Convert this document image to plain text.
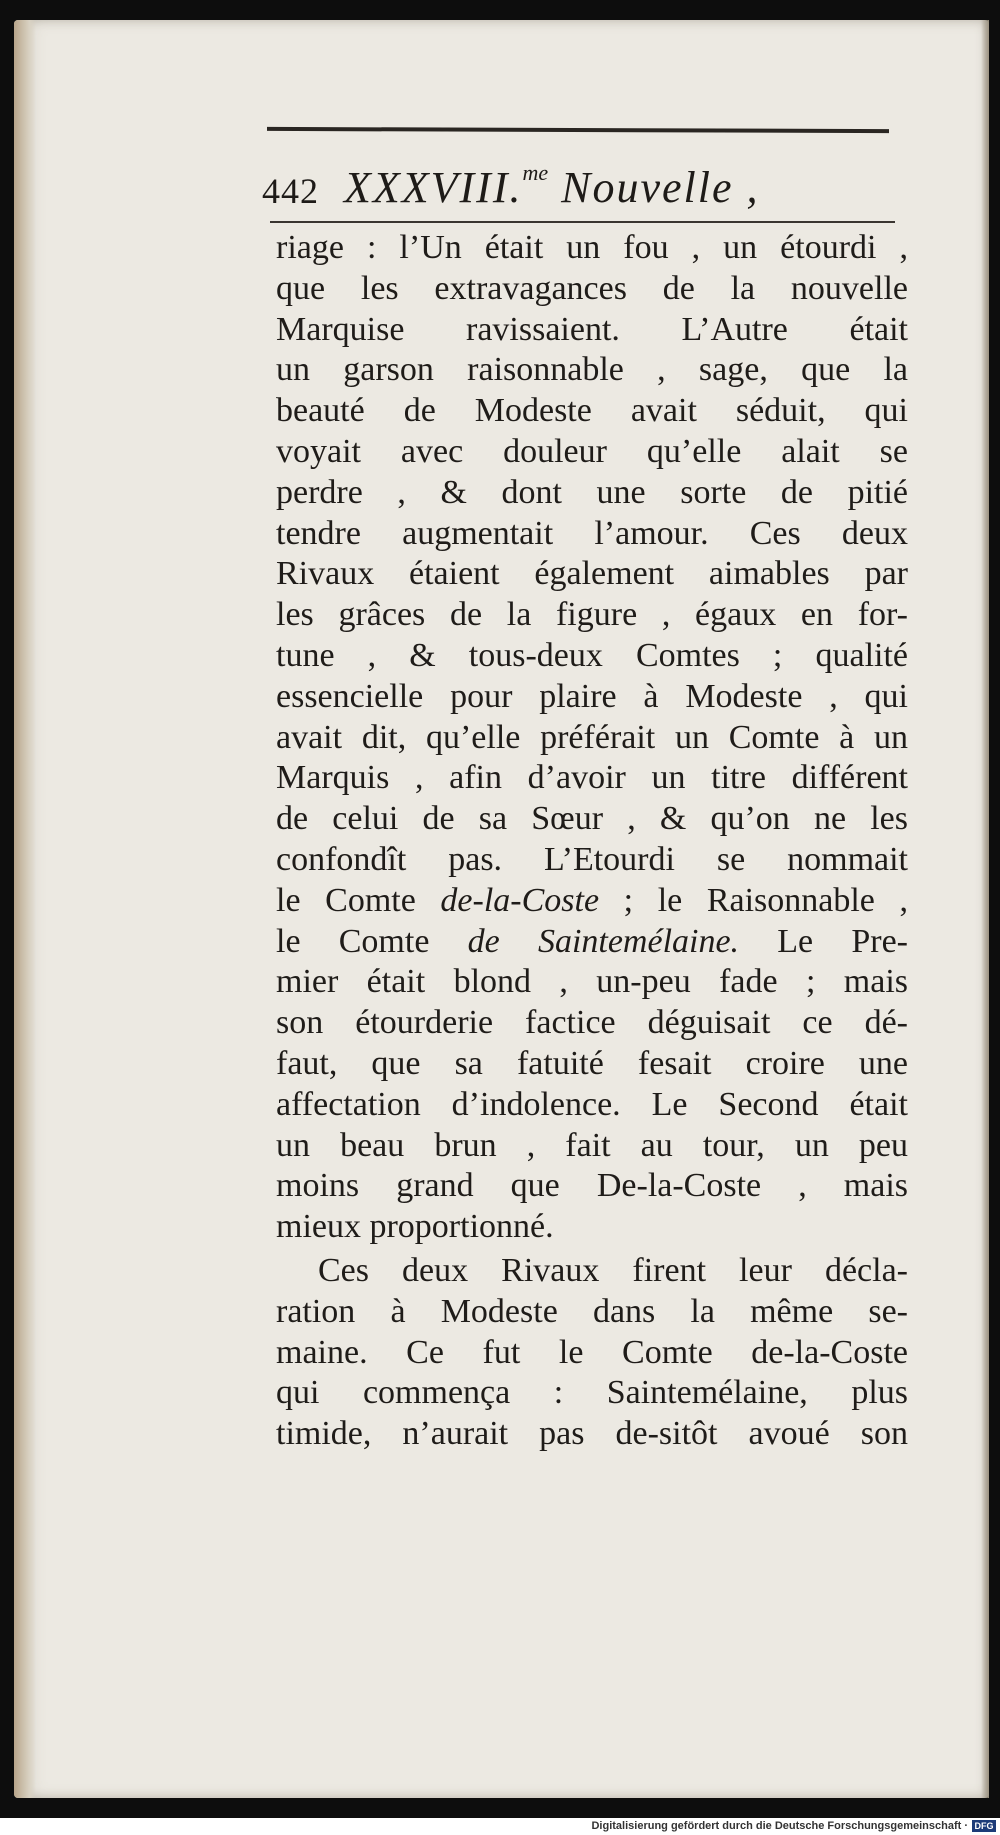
442 XXXVIII.$^{me}$ Nouvelle ,
riage : l’Un était un fou , un étourdi ,
que les extravagances de la nouvelle
Marquise ravissaient. L’Autre était
un garson raisonnable , sage, que la
beauté de Modeste avait séduit, qui
voyait avec douleur qu’elle alait se
perdre , & dont une sorte de pitié
tendre augmentait l’amour. Ces deux
Rivaux étaient également aimables par
les grâces de la figure , égaux en for-
tune , & tous-deux Comtes ; qualité
essencielle pour plaire à Modeste , qui
avait dit, qu’elle préférait un Comte à un
Marquis , afin d’avoir un titre différent
de celui de sa Sœur , & qu’on ne les
confondît pas. L’Etourdi se nommait
le Comte de-la-Coste ; le Raisonnable ,
le Comte de Saintemélaine. Le Pre-
mier était blond , un-peu fade ; mais
son étourderie factice déguisait ce dé-
faut, que sa fatuité fesait croire une
affectation d’indolence. Le Second était
un beau brun , fait au tour, un peu
moins grand que De-la-Coste , mais
mieux proportionné.
Ces deux Rivaux firent leur décla-
ration à Modeste dans la même se-
maine. Ce fut le Comte de-la-Coste
qui commença : Saintemélaine, plus
timide, n’aurait pas de-sitôt avoué son
Digitalisierung gefördert durch die Deutsche Forschungsgemeinschaft · DFG
